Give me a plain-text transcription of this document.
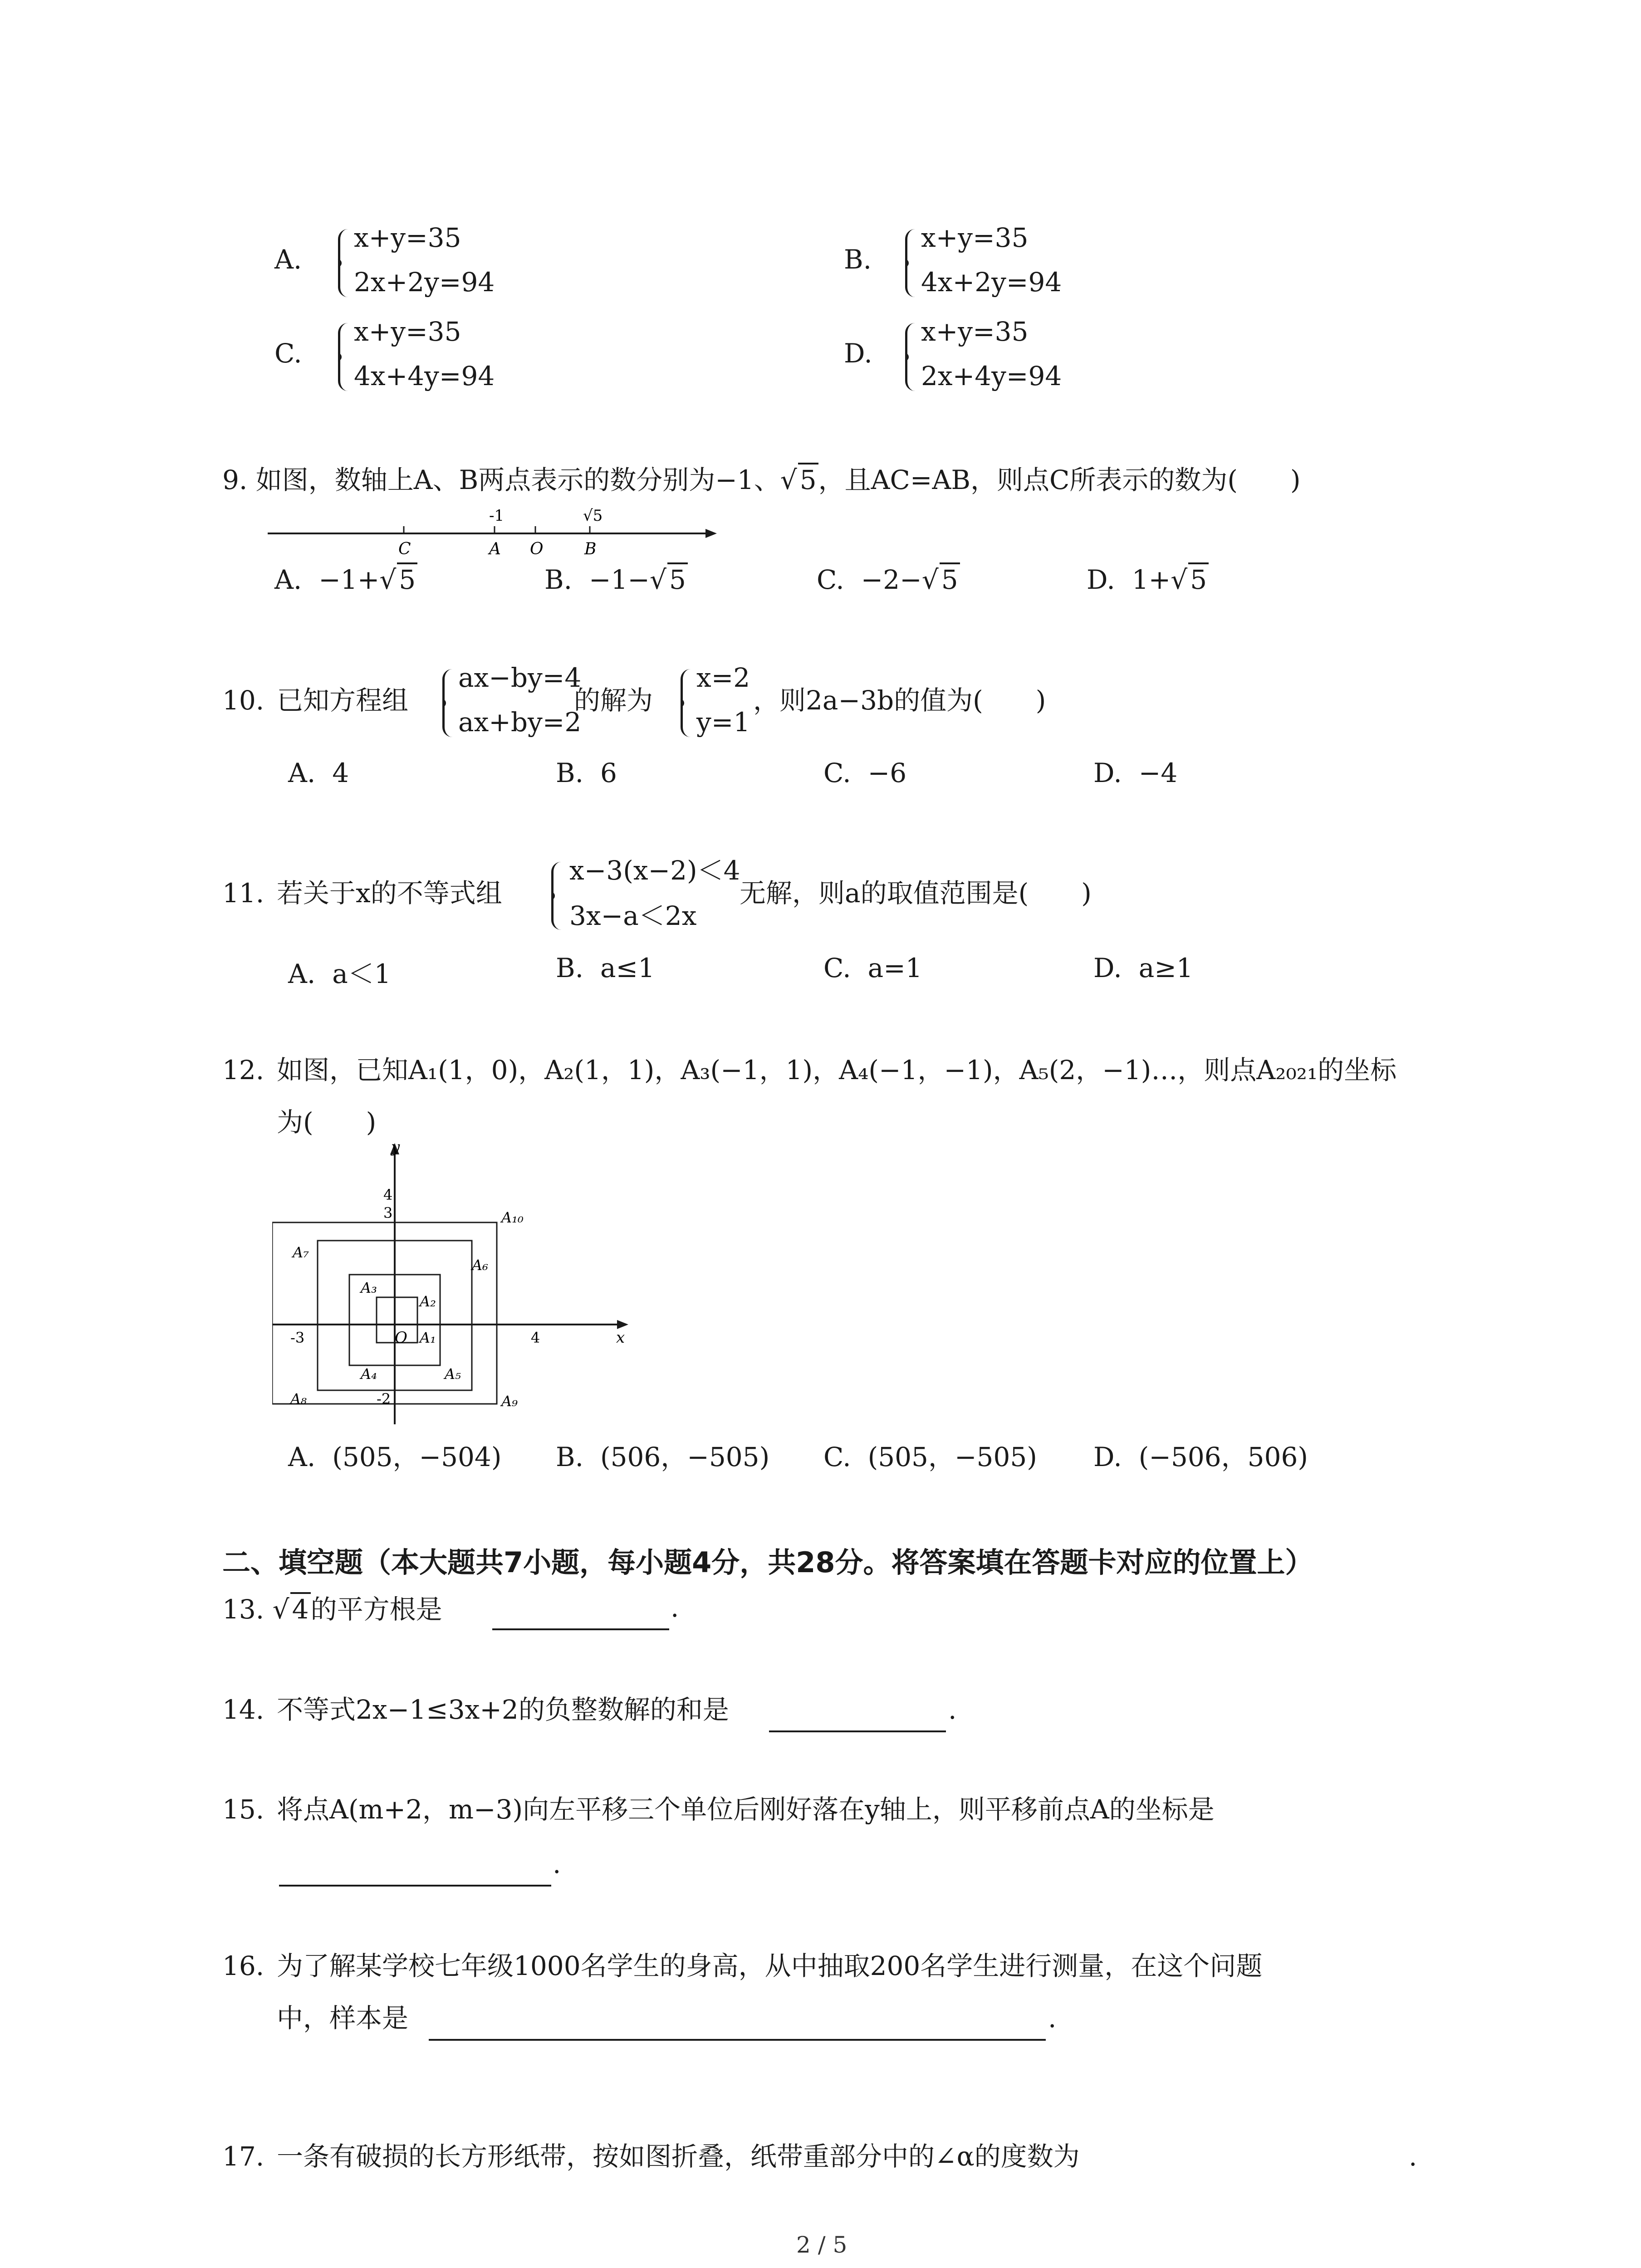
A.
x+y=35
2x+2y=94
B.
x+y=35
4x+2y=94
C.
x+y=35
4x+4y=94
D.
x+y=35
2x+4y=94
9. 如图，数轴上A、B两点表示的数分别为−1、√ 5，且AC=AB，则点C所表示的数为(　　)
-1	√5
C	A O	B
A. −1+√ 5	B. −1−√ 5	C. −2−√ 5	D. 1+√ 5
10. 已知方程组
ax−by=4
ax+by=2
的解为
x=2
y=1
，则2a−3b的值为(　　)
A. 4	B. 6	C. −6	D. −4
11. 若关于x的不等式组
x−3(x−2)＜4
3x−a＜2x
无解，则a的取值范围是(　　)
A. a＜1	B. a≤1	C. a=1	D. a≥1
12. 如图，已知A₁(1，0)，A₂(1，1)，A₃(−1，1)，A₄(−1，−1)，A₅(2，−1)…，则点A₂₀₂₁的坐标
为(　　)
y
x
O
4
3
-3	4
-2
A₁
A₂
A₃
A₄	A₅
A₆
A₇
A₈	A₉
A₁₀
A. (505，−504) B. (506，−505) C. (505，−505) D. (−506，506)
二、填空题（本大题共7小题，每小题4分，共28分。将答案填在答题卡对应的位置上）
13. √ 4的平方根是	.
14. 不等式2x−1≤3x+2的负整数解的和是	.
15. 将点A(m+2，m−3)向左平移三个单位后刚好落在y轴上，则平移前点A的坐标是
.
16. 为了解某学校七年级1000名学生的身高，从中抽取200名学生进行测量，在这个问题
中，样本是	.
17. 一条有破损的长方形纸带，按如图折叠，纸带重部分中的∠α的度数为	.
2 / 5
